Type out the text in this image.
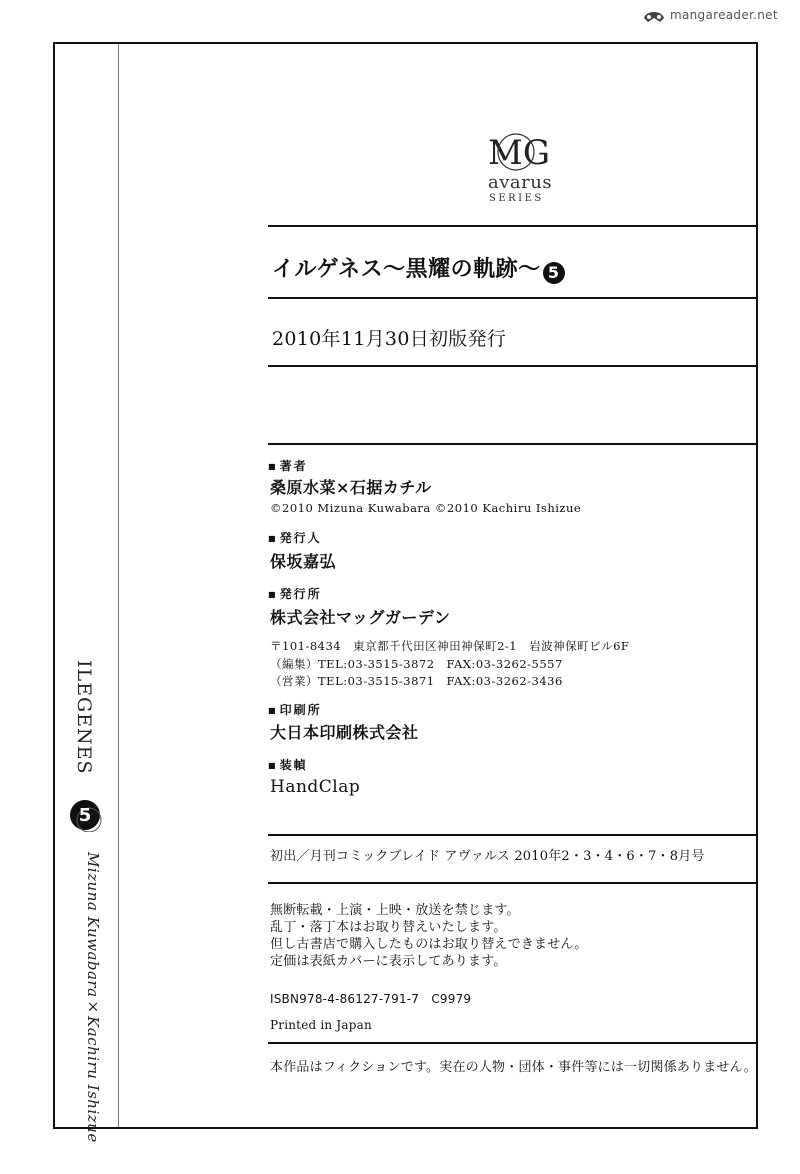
mangareader.net
ILEGENES
5
Mizuna Kuwabara×Kachiru Ishizue
MG
avarus
SERIES
イルゲネス〜黒耀の軌跡〜 5
2010年11月30日初版発行
■ 著者
桑原水菜×石据カチル
©2010 Mizuna Kuwabara ©2010 Kachiru Ishizue
■ 発行人
保坂嘉弘
■ 発行所
株式会社マッグガーデン
〒101-8434　東京都千代田区神田神保町2-1　岩波神保町ビル6F
（編集）TEL:03-3515-3872　FAX:03-3262-5557
（営業）TEL:03-3515-3871　FAX:03-3262-3436
■ 印刷所
大日本印刷株式会社
■ 装幀
HandClap
初出／月刊コミックブレイド アヴァルス 2010年2・3・4・6・7・8月号
無断転載・上演・上映・放送を禁じます。
乱丁・落丁本はお取り替えいたします。
但し古書店で購入したものはお取り替えできません。
定価は表紙カバーに表示してあります。
ISBN978-4-86127-791-7　C9979
Printed in Japan
本作品はフィクションです。実在の人物・団体・事件等には一切関係ありません。
